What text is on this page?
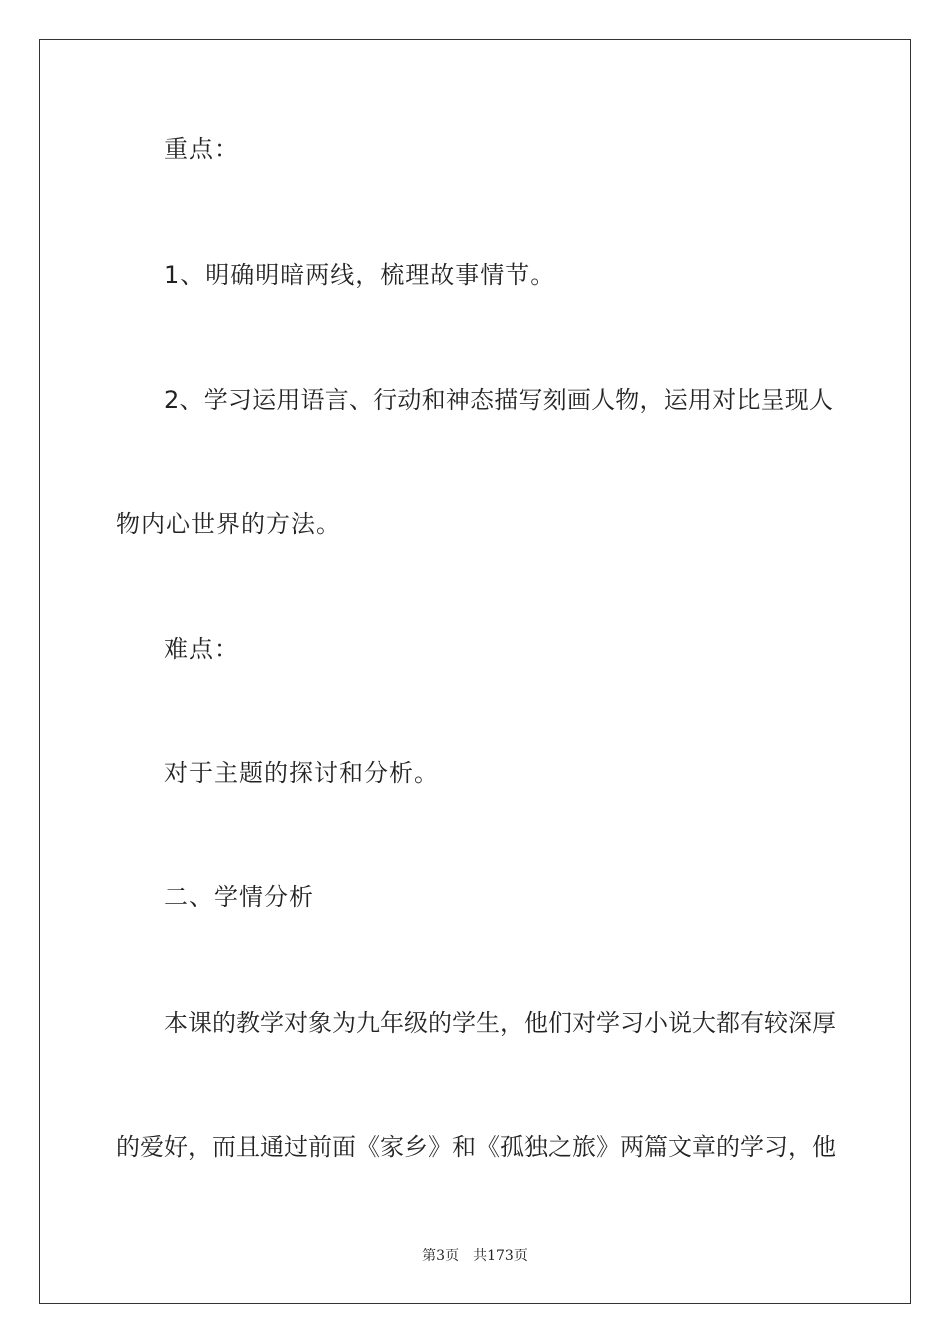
重点：
1、明确明暗两线，梳理故事情节。
2、学习运用语言、行动和神态描写刻画人物，运用对比呈现人
物内心世界的方法。
难点：
对于主题的探讨和分析。
二、学情分析
本课的教学对象为九年级的学生，他们对学习小说大都有较深厚
的爱好，而且通过前面《家乡》和《孤独之旅》两篇文章的学习，他
第3页 共173页
